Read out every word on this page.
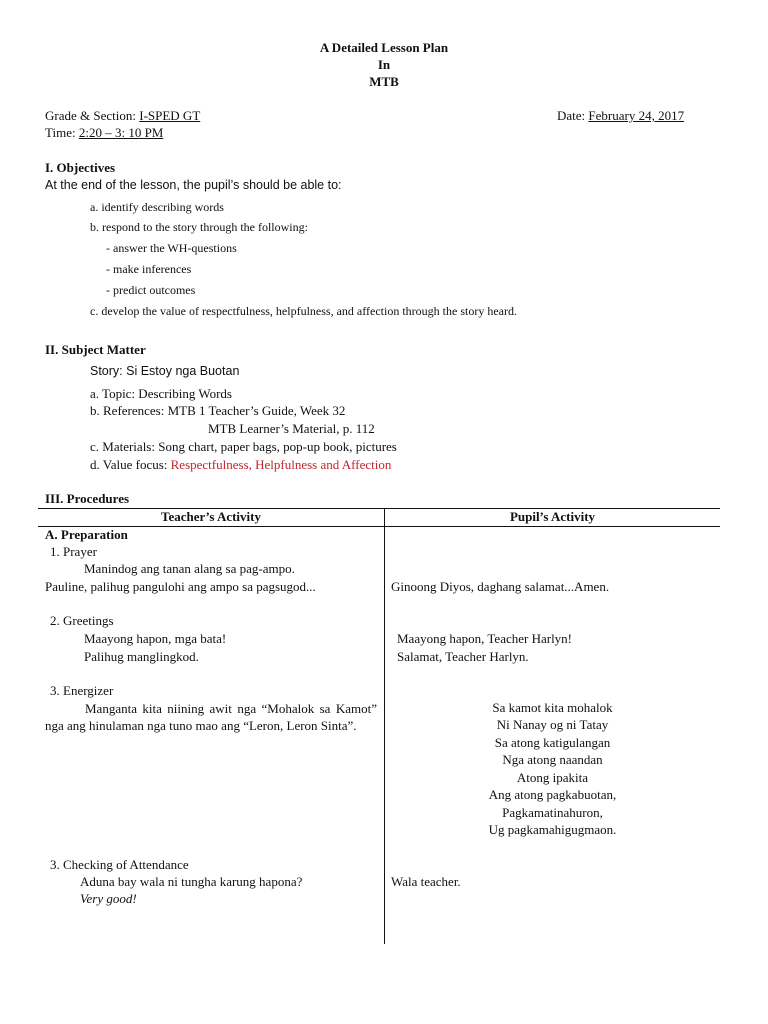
A Detailed Lesson Plan
In
MTB
Grade & Section: I-SPED GT	Date: February 24, 2017
Time: 2:20 – 3: 10 PM
I. Objectives
At the end of the lesson, the pupil’s should be able to:
a. identify describing words
b. respond to the story through the following:
- answer the WH-questions
- make inferences
- predict outcomes
c. develop the value of respectfulness, helpfulness, and affection through the story heard.
II. Subject Matter
Story: Si Estoy nga Buotan
a. Topic: Describing Words
b. References: MTB 1 Teacher’s Guide, Week 32
MTB Learner’s Material, p. 112
c. Materials: Song chart, paper bags, pop-up book, pictures
d. Value focus: Respectfulness, Helpfulness and Affection
III. Procedures
Teacher’s Activity	Pupil’s Activity
A. Preparation
1. Prayer
Manindog ang tanan alang sa pag-ampo.
Pauline, palihug pangulohi ang ampo sa pagsugod...
2. Greetings
Maayong hapon, mga bata!
Palihug manglingkod.
3. Energizer
Manganta kita niining awit nga “Mohalok sa Kamot” nga ang hinulaman nga tuno mao ang “Leron, Leron Sinta”.
3. Checking of Attendance
Aduna bay wala ni tungha karung hapona?
Very good!
Ginoong Diyos, daghang salamat...Amen.
Maayong hapon, Teacher Harlyn!
Salamat, Teacher Harlyn.
Sa kamot kita mohalok
Ni Nanay og ni Tatay
Sa atong katigulangan
Nga atong naandan
Atong ipakita
Ang atong pagkabuotan,
Pagkamatinahuron,
Ug pagkamahigugmaon.
Wala teacher.
